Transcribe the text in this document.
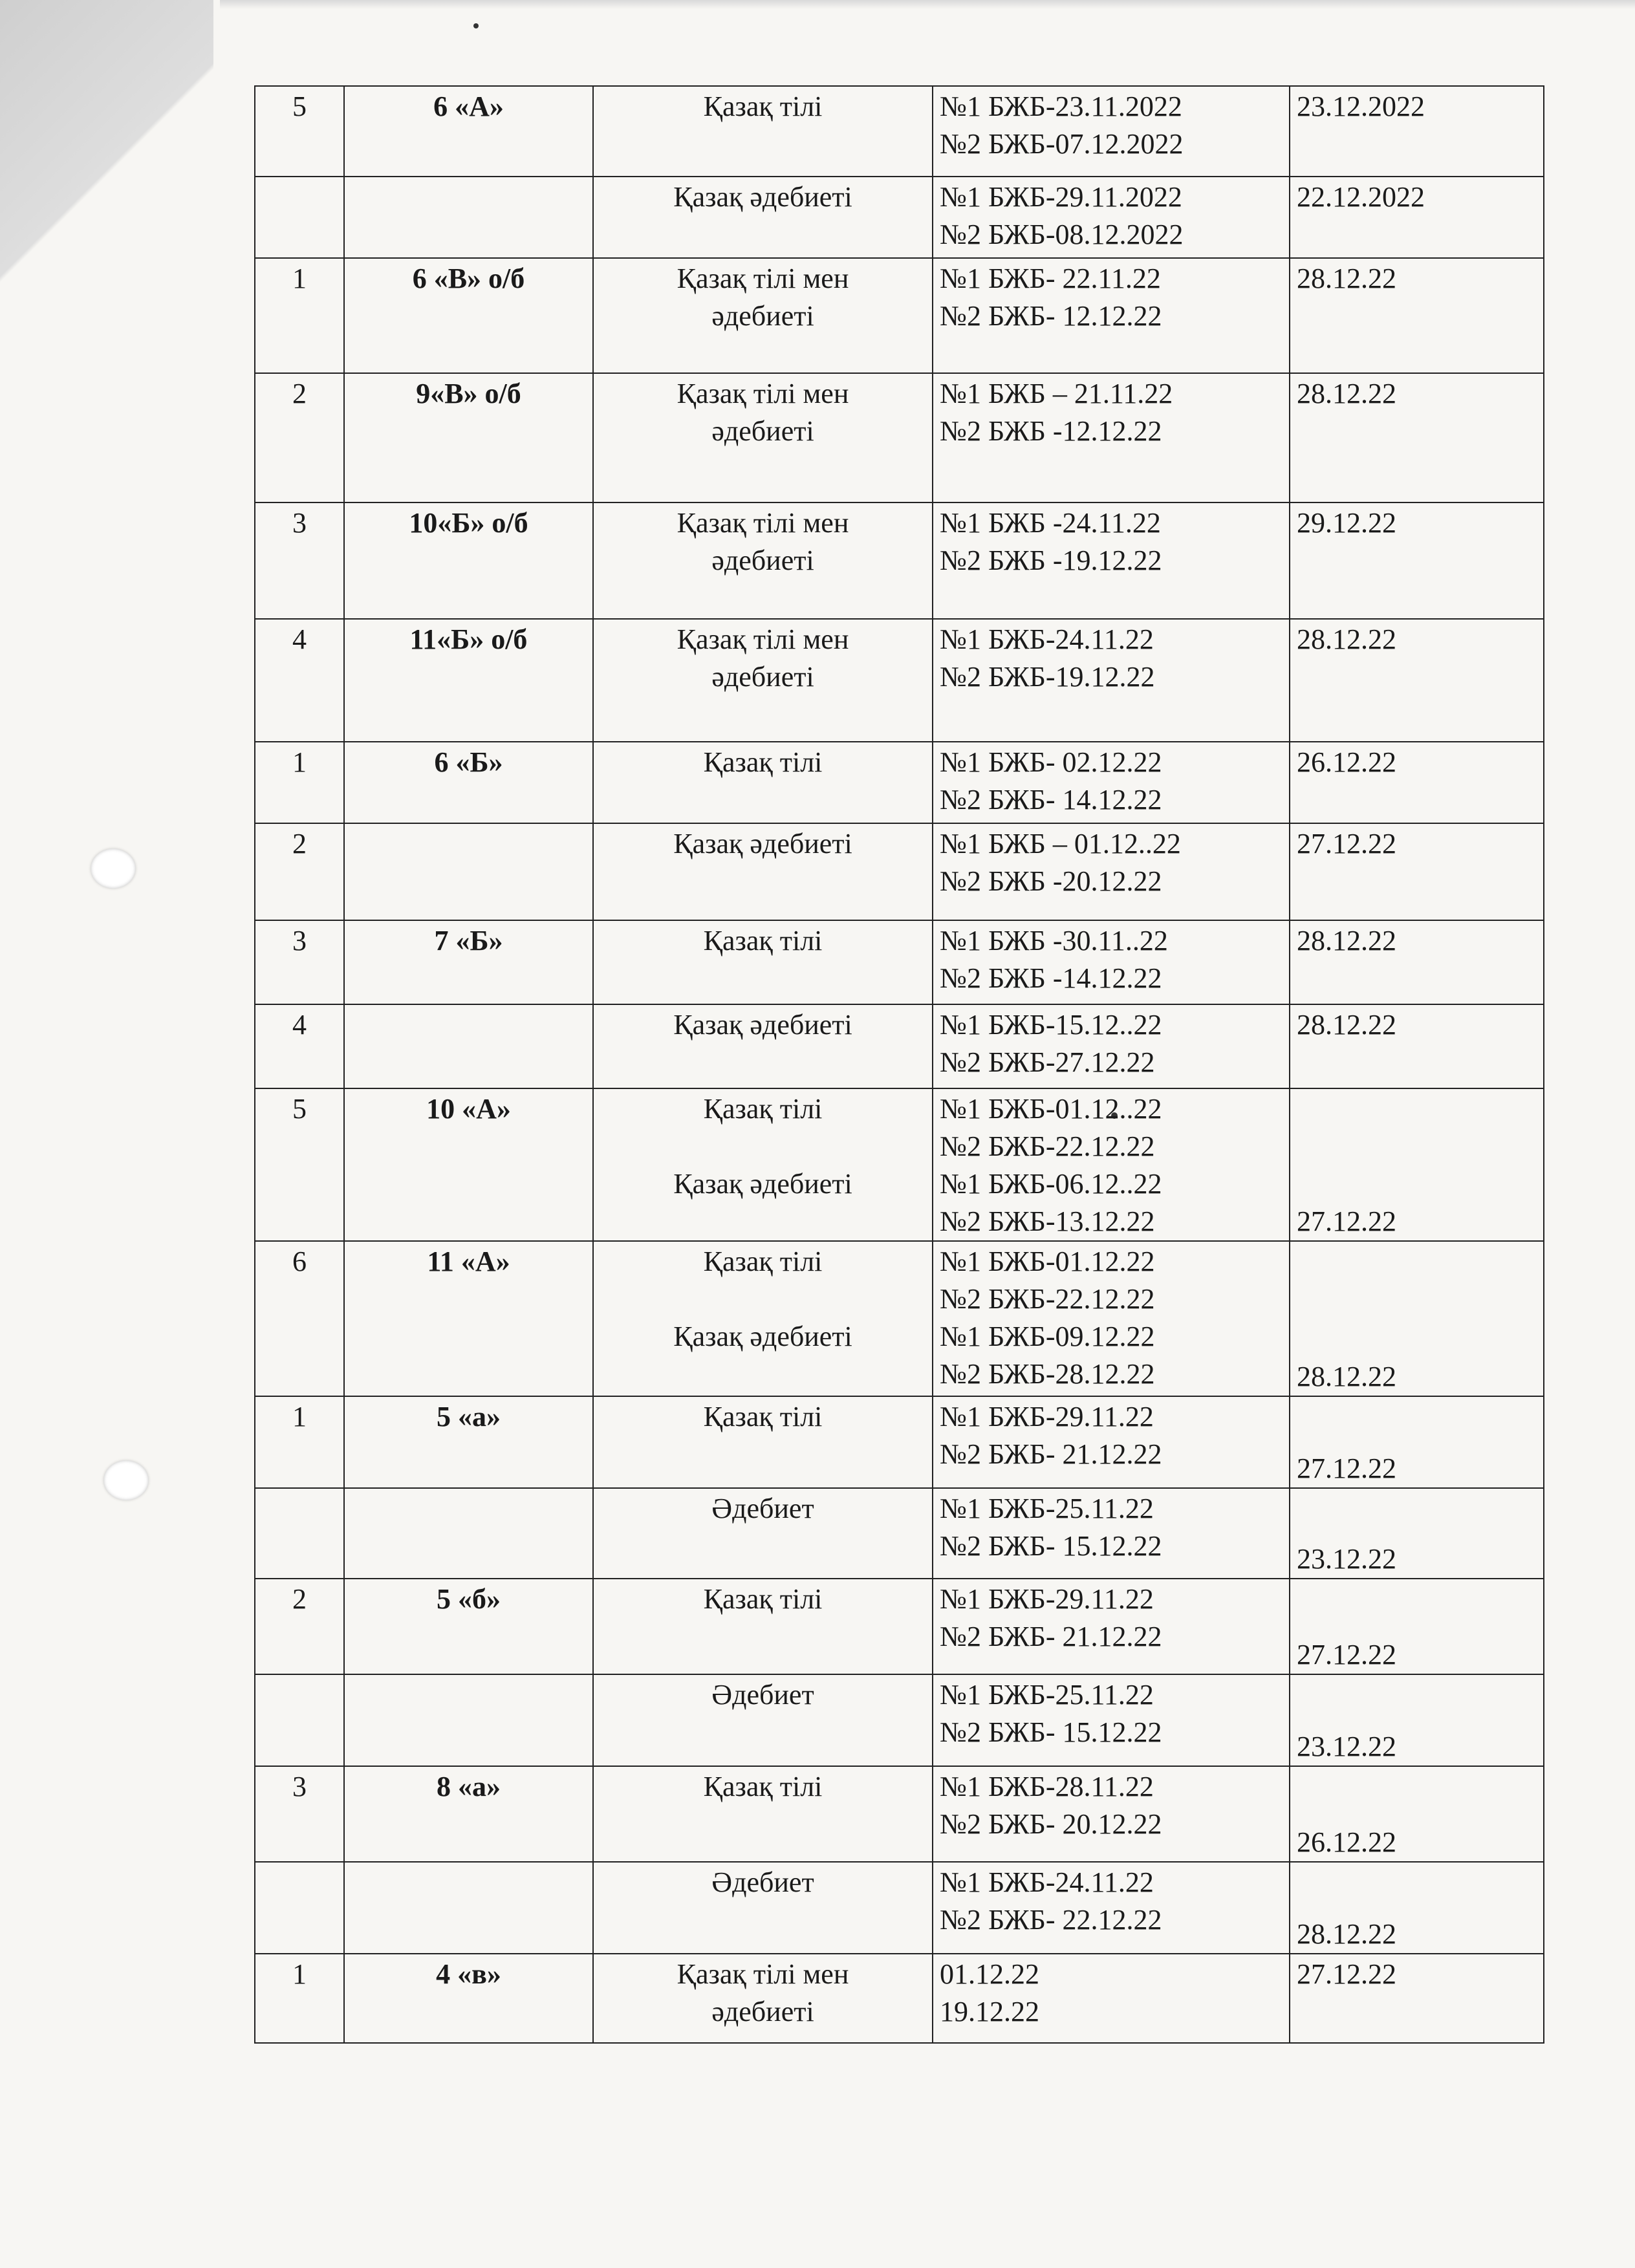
5	6 «А»	Қазақ тілі	№1 БЖБ-23.11.2022
№2 БЖБ-07.12.2022	23.12.2022

		Қазақ әдебиеті	№1 БЖБ-29.11.2022
№2 БЖБ-08.12.2022	22.12.2022

1	6 «В» о/б	Қазақ тілі мен
әдебиеті	№1 БЖБ- 22.11.22
№2 БЖБ- 12.12.22	28.12.22

2	9«В» о/б	Қазақ тілі мен
әдебиеті	№1 БЖБ – 21.11.22
№2 БЖБ -12.12.22	28.12.22

3	10«Б» о/б	Қазақ тілі мен
әдебиеті	№1 БЖБ -24.11.22
№2 БЖБ -19.12.22	29.12.22

4	11«Б» о/б	Қазақ тілі мен
әдебиеті	№1 БЖБ-24.11.22
№2 БЖБ-19.12.22	28.12.22

1	6 «Б»	Қазақ тілі	№1 БЖБ- 02.12.22
№2 БЖБ- 14.12.22	26.12.22

2		Қазақ әдебиеті	№1 БЖБ – 01.12..22
№2 БЖБ -20.12.22	27.12.22

3	7 «Б»	Қазақ тілі	№1 БЖБ -30.11..22
№2 БЖБ -14.12.22	28.12.22

4		Қазақ әдебиеті	№1 БЖБ-15.12..22
№2 БЖБ-27.12.22	28.12.22

5	10 «А»	Қазақ тілі
Қазақ әдебиеті	№1 БЖБ-01.12..22
№2 БЖБ-22.12.22
№1 БЖБ-06.12..22
№2 БЖБ-13.12.22	27.12.22

6	11 «А»	Қазақ тілі
Қазақ әдебиеті	№1 БЖБ-01.12.22
№2 БЖБ-22.12.22
№1 БЖБ-09.12.22
№2 БЖБ-28.12.22	28.12.22

1	5 «а»	Қазақ тілі	№1 БЖБ-29.11.22
№2 БЖБ- 21.12.22	27.12.22

		Әдебиет	№1 БЖБ-25.11.22
№2 БЖБ- 15.12.22	23.12.22

2	5 «б»	Қазақ тілі	№1 БЖБ-29.11.22
№2 БЖБ- 21.12.22	27.12.22

		Әдебиет	№1 БЖБ-25.11.22
№2 БЖБ- 15.12.22	23.12.22

3	8 «а»	Қазақ тілі	№1 БЖБ-28.11.22
№2 БЖБ- 20.12.22	26.12.22

		Әдебиет	№1 БЖБ-24.11.22
№2 БЖБ- 22.12.22	28.12.22

1	4 «в»	Қазақ тілі мен
әдебиеті	01.12.22
19.12.22	27.12.22
